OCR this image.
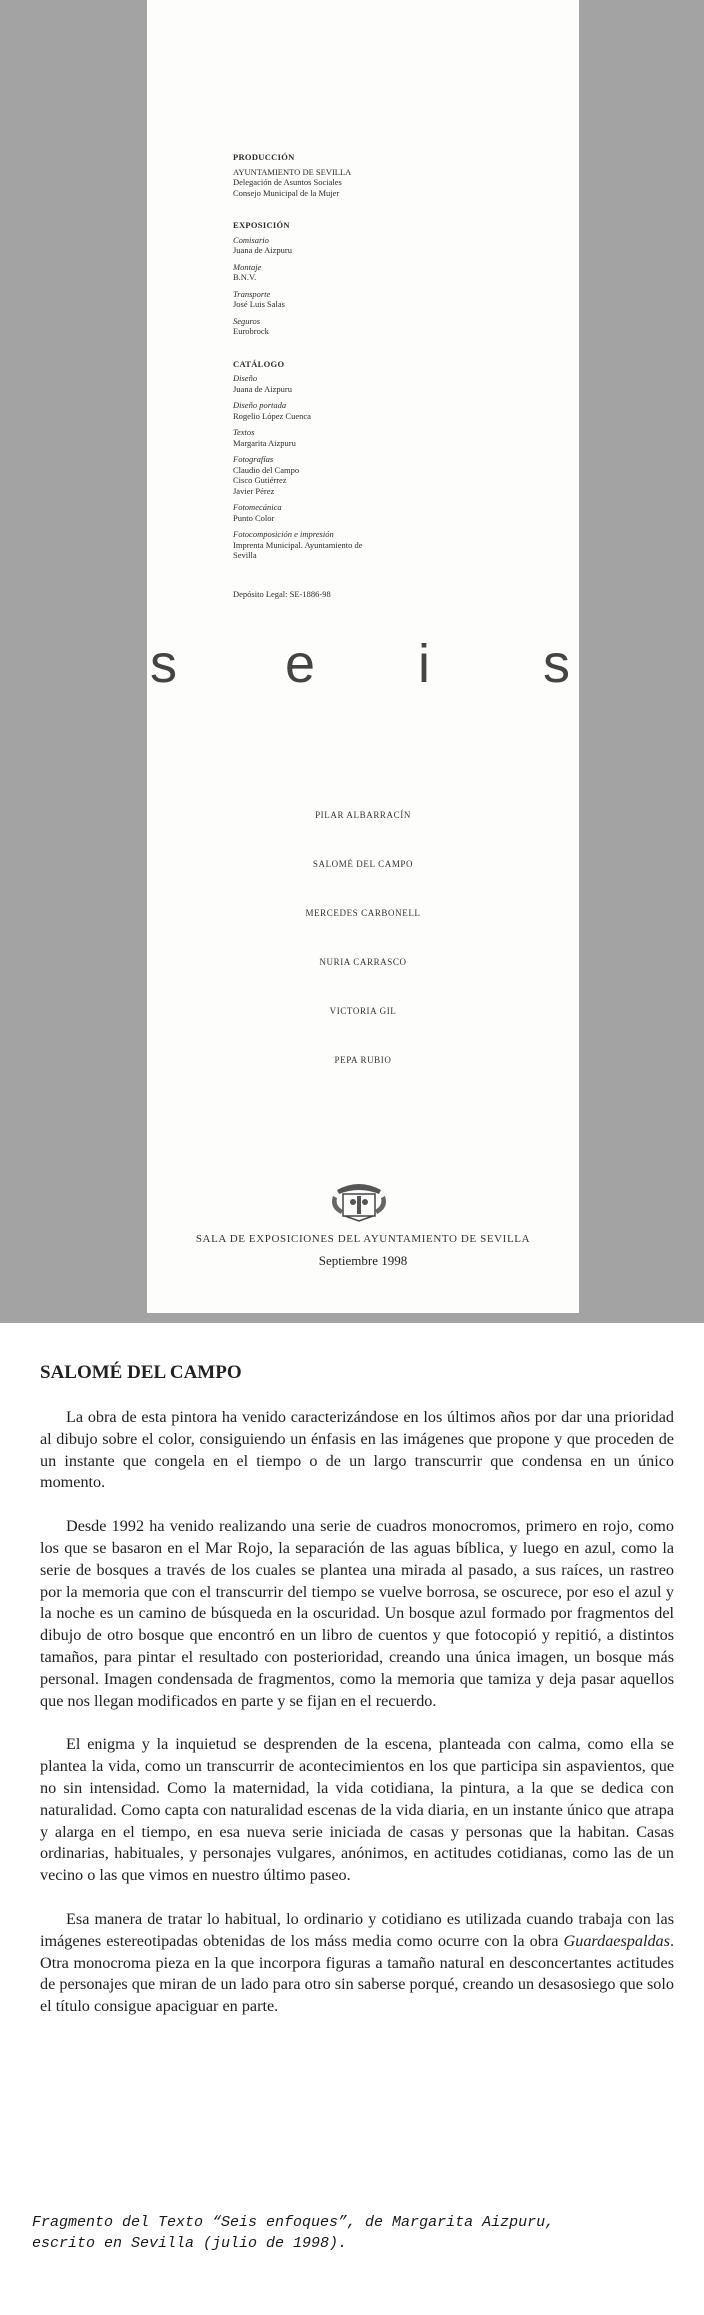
PRODUCCIÓN
AYUNTAMIENTO DE SEVILLA
Delegación de Asuntos Sociales
Consejo Municipal de la Mujer
EXPOSICIÓN
Comisario
Juana de Aizpuru
Montaje
B.N.V.
Transporte
José Luis Salas
Seguros
Eurobrock
CATÁLOGO
Diseño
Juana de Aizpuru
Diseño portada
Rogelio López Cuenca
Textos
Margarita Aizpuru
Fotografías
Claudio del Campo
Cisco Gutiérrez
Javier Pérez
Fotomecánica
Punto Color
Fotocomposición e impresión
Imprenta Municipal. Ayuntamiento de
Sevilla
Depósito Legal: SE-1886-98
s e i s
PILAR ALBARRACÍN
SALOMÉ DEL CAMPO
MERCEDES CARBONELL
NURIA CARRASCO
VICTORIA GIL
PEPA RUBIO
SALA DE EXPOSICIONES DEL AYUNTAMIENTO DE SEVILLA
Septiembre 1998
SALOMÉ DEL CAMPO

La obra de esta pintora ha venido caracterizándose en los últimos años por dar una prioridad al dibujo sobre el color, consiguiendo un énfasis en las imágenes que propone y que proceden de un instante que congela en el tiempo o de un largo transcurrir que condensa en un único momento.

Desde 1992 ha venido realizando una serie de cuadros monocromos, primero en rojo, como los que se basaron en el Mar Rojo, la separación de las aguas bíblica, y luego en azul, como la serie de bosques a través de los cuales se plantea una mirada al pasado, a sus raíces, un rastreo por la memoria que con el transcurrir del tiempo se vuelve borrosa, se oscurece, por eso el azul y la noche es un camino de búsqueda en la oscuridad. Un bosque azul formado por fragmentos del dibujo de otro bosque que encontró en un libro de cuentos y que fotocopió y repitió, a distintos tamaños, para pintar el resultado con posterioridad, creando una única imagen, un bosque más personal. Imagen condensada de fragmentos, como la memoria que tamiza y deja pasar aquellos que nos llegan modificados en parte y se fijan en el recuerdo.

El enigma y la inquietud se desprenden de la escena, planteada con calma, como ella se plantea la vida, como un transcurrir de acontecimientos en los que participa sin aspavientos, que no sin intensidad. Como la maternidad, la vida cotidiana, la pintura, a la que se dedica con naturalidad. Como capta con naturalidad escenas de la vida diaria, en un instante único que atrapa y alarga en el tiempo, en esa nueva serie iniciada de casas y personas que la habitan. Casas ordinarias, habituales, y personajes vulgares, anónimos, en actitudes cotidianas, como las de un vecino o las que vimos en nuestro último paseo.

Esa manera de tratar lo habitual, lo ordinario y cotidiano es utilizada cuando trabaja con las imágenes estereotipadas obtenidas de los máss media como ocurre con la obra Guardaespaldas. Otra monocroma pieza en la que incorpora figuras a tamaño natural en desconcertantes actitudes de personajes que miran de un lado para otro sin saberse porqué, creando un desasosiego que solo el título consigue apaciguar en parte.

Fragmento del Texto “Seis enfoques”, de Margarita Aizpuru,
escrito en Sevilla (julio de 1998).
